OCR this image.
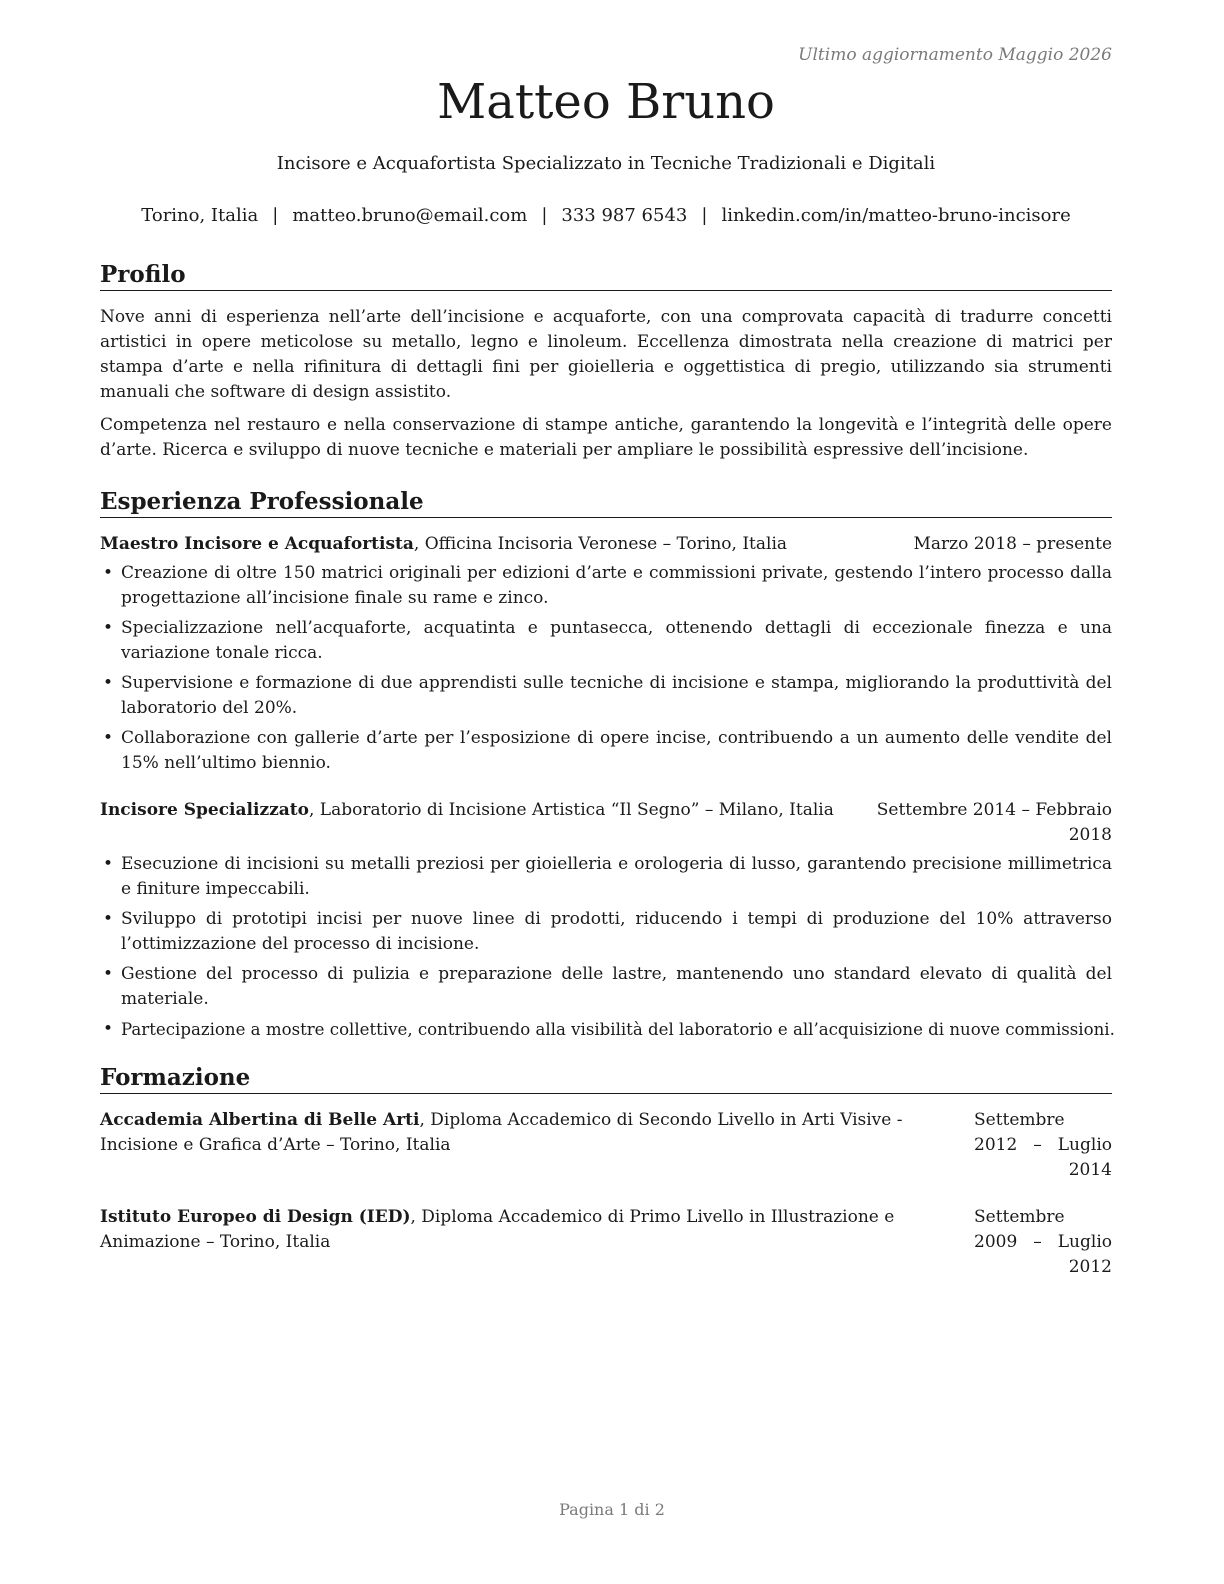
Ultimo aggiornamento Maggio 2026
Matteo Bruno
Incisore e Acquafortista Specializzato in Tecniche Tradizionali e Digitali
Torino, Italia | matteo.bruno@email.com | 333 987 6543 | linkedin.com/in/matteo-bruno-incisore
Profilo
Nove anni di esperienza nell’arte dell’incisione e acquaforte, con una comprovata capacità di tradurre concetti artistici in opere meticolose su metallo, legno e linoleum. Eccellenza dimostrata nella creazione di matrici per stampa d’arte e nella rifinitura di dettagli fini per gioielleria e oggettistica di pregio, utilizzando sia strumenti manuali che software di design assistito.
Competenza nel restauro e nella conservazione di stampe antiche, garantendo la longevità e l’integrità delle opere d’arte. Ricerca e sviluppo di nuove tecniche e materiali per ampliare le possibilità espressive dell’incisione.
Esperienza Professionale
Maestro Incisore e Acquafortista, Officina Incisoria Veronese – Torino, Italia	Marzo 2018 – presente
• Creazione di oltre 150 matrici originali per edizioni d’arte e commissioni private, gestendo l’intero processo dalla progettazione all’incisione finale su rame e zinco.
• Specializzazione nell’acquaforte, acquatinta e puntasecca, ottenendo dettagli di eccezionale finezza e una variazione tonale ricca.
• Supervisione e formazione di due apprendisti sulle tecniche di incisione e stampa, migliorando la produttività del laboratorio del 20%.
• Collaborazione con gallerie d’arte per l’esposizione di opere incise, contribuendo a un aumento delle vendite del 15% nell’ultimo biennio.
Incisore Specializzato, Laboratorio di Incisione Artistica “Il Segno” – Milano, Italia	Settembre 2014 – Febbraio 2018
• Esecuzione di incisioni su metalli preziosi per gioielleria e orologeria di lusso, garantendo precisione millimetrica e finiture impeccabili.
• Sviluppo di prototipi incisi per nuove linee di prodotti, riducendo i tempi di produzione del 10% attraverso l’ottimizzazione del processo di incisione.
• Gestione del processo di pulizia e preparazione delle lastre, mantenendo uno standard elevato di qualità del materiale.
• Partecipazione a mostre collettive, contribuendo alla visibilità del laboratorio e all’acquisizione di nuove commissioni.
Formazione
Accademia Albertina di Belle Arti, Diploma Accademico di Secondo Livello in Arti Visive - Incisione e Grafica d’Arte – Torino, Italia
Settembre 2012 – Luglio 2014
Istituto Europeo di Design (IED), Diploma Accademico di Primo Livello in Illustrazione e Animazione – Torino, Italia
Settembre 2009 – Luglio 2012
Pagina 1 di 2
